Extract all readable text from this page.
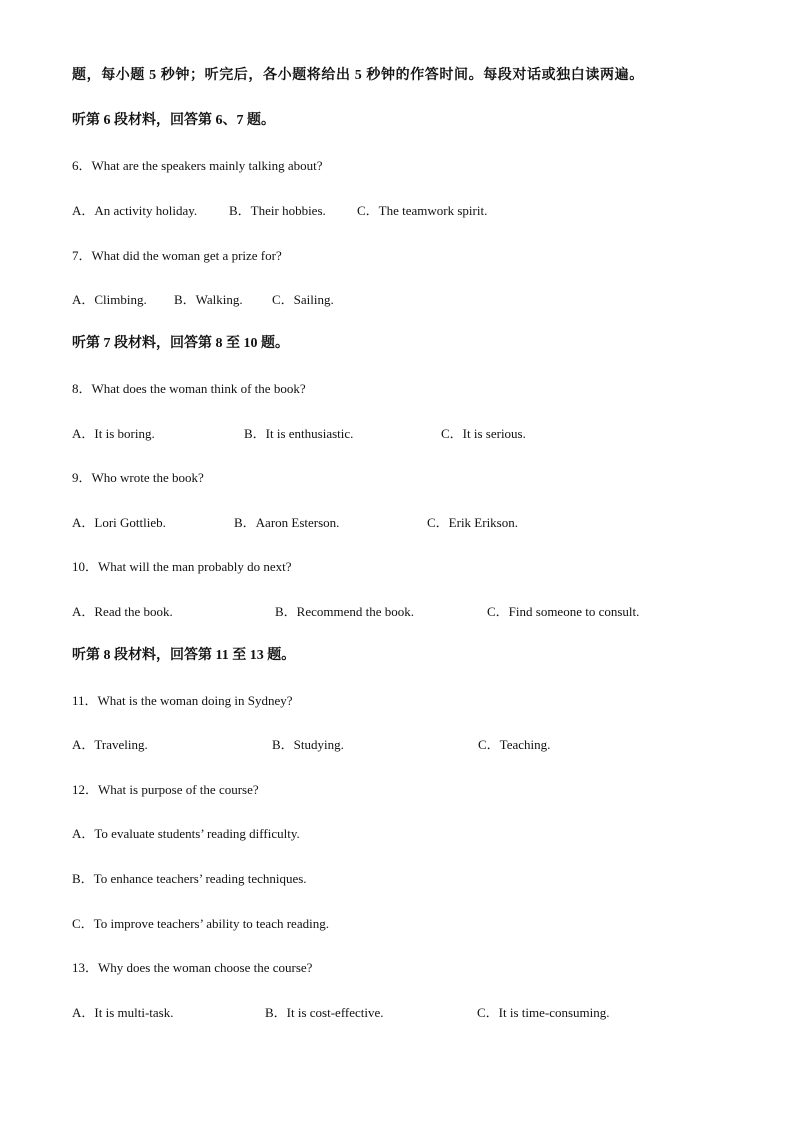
题，每小题 5 秒钟；听完后，各小题将给出 5 秒钟的作答时间。每段对话或独白读两遍。
听第 6 段材料，回答第 6、7 题。
6．What are the speakers mainly talking about?
A．An activity holiday. B．Their hobbies. C．The teamwork spirit.
7．What did the woman get a prize for?
A．Climbing. B．Walking. C．Sailing.
听第 7 段材料，回答第 8 至 10 题。
8．What does the woman think of the book?
A．It is boring.	B．It is enthusiastic.	C．It is serious.
9．Who wrote the book?
A．Lori Gottlieb.	B．Aaron Esterson.	C．Erik Erikson.
10．What will the man probably do next?
A．Read the book.	B．Recommend the book.	C．Find someone to consult.
听第 8 段材料，回答第 11 至 13 题。
11．What is the woman doing in Sydney?
A．Traveling.	B．Studying.	C．Teaching.
12．What is purpose of the course?
A．To evaluate students’ reading difficulty.
B．To enhance teachers’ reading techniques.
C．To improve teachers’ ability to teach reading.
13．Why does the woman choose the course?
A．It is multi-task.	B．It is cost-effective.	C．It is time-consuming.
